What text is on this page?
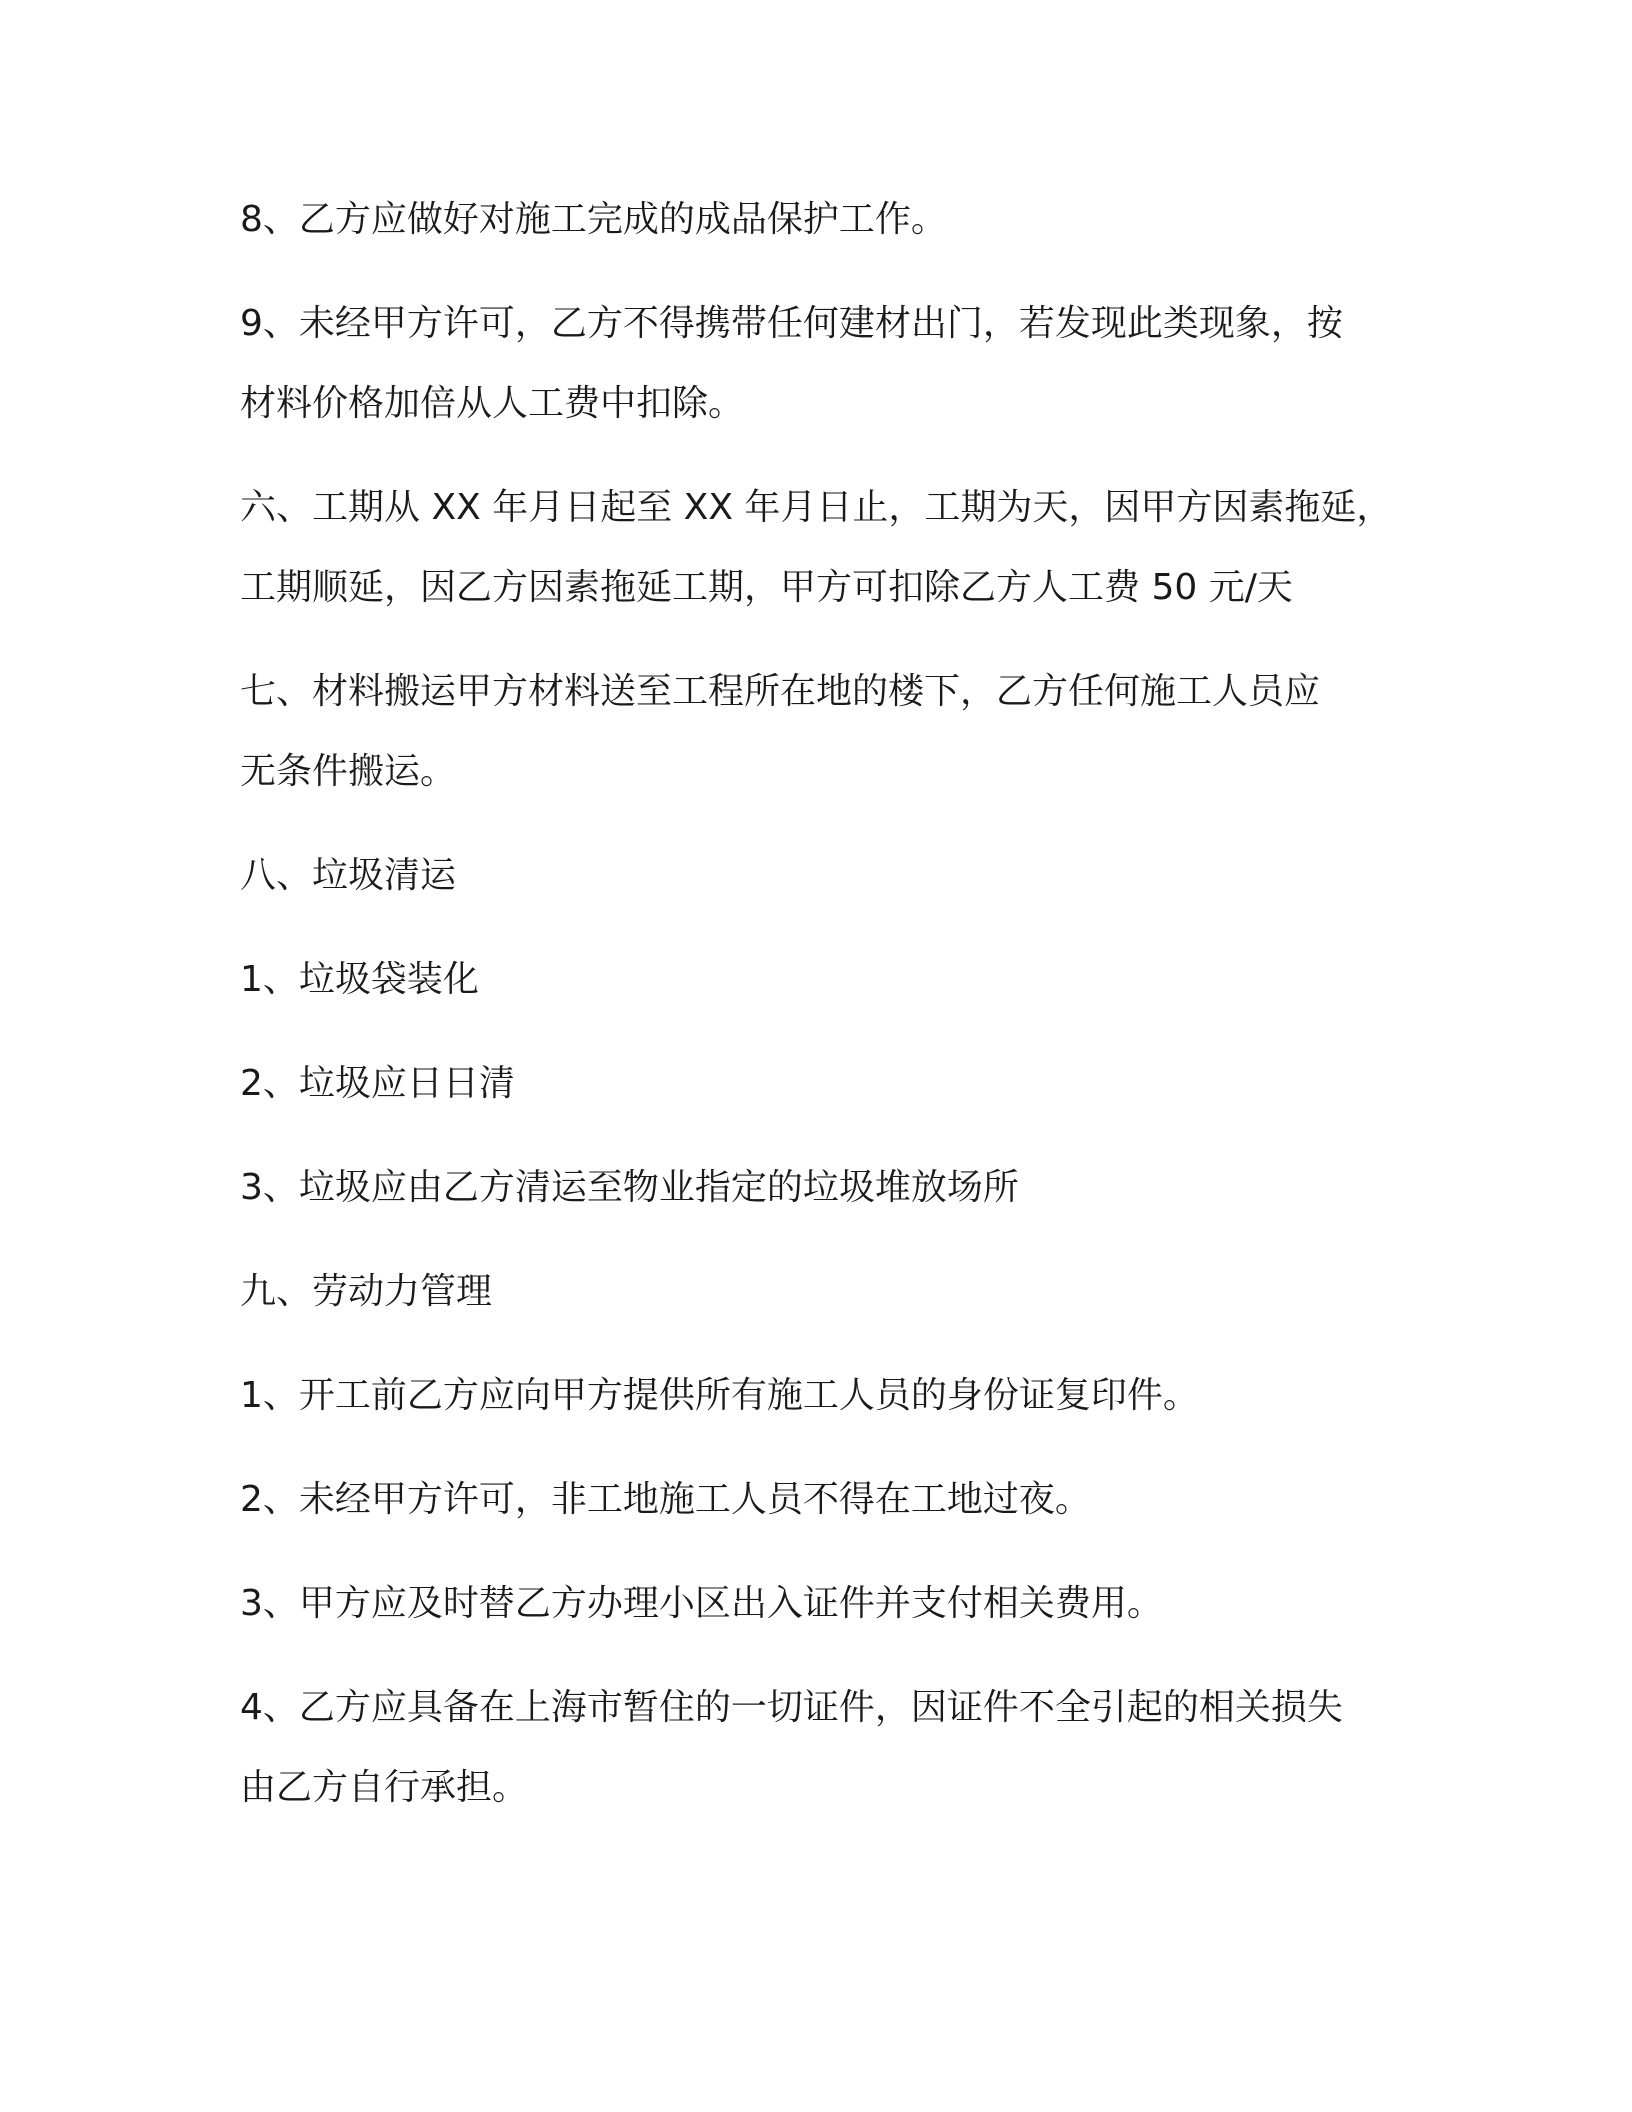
8、乙方应做好对施工完成的成品保护工作。

9、未经甲方许可，乙方不得携带任何建材出门，若发现此类现象，按
材料价格加倍从人工费中扣除。

六、工期从 XX 年月日起至 XX 年月日止，工期为天，因甲方因素拖延，
工期顺延，因乙方因素拖延工期，甲方可扣除乙方人工费 50 元/天

七、材料搬运甲方材料送至工程所在地的楼下，乙方任何施工人员应
无条件搬运。

八、垃圾清运

1、垃圾袋装化

2、垃圾应日日清

3、垃圾应由乙方清运至物业指定的垃圾堆放场所

九、劳动力管理

1、开工前乙方应向甲方提供所有施工人员的身份证复印件。

2、未经甲方许可，非工地施工人员不得在工地过夜。

3、甲方应及时替乙方办理小区出入证件并支付相关费用。

4、乙方应具备在上海市暂住的一切证件，因证件不全引起的相关损失
由乙方自行承担。
